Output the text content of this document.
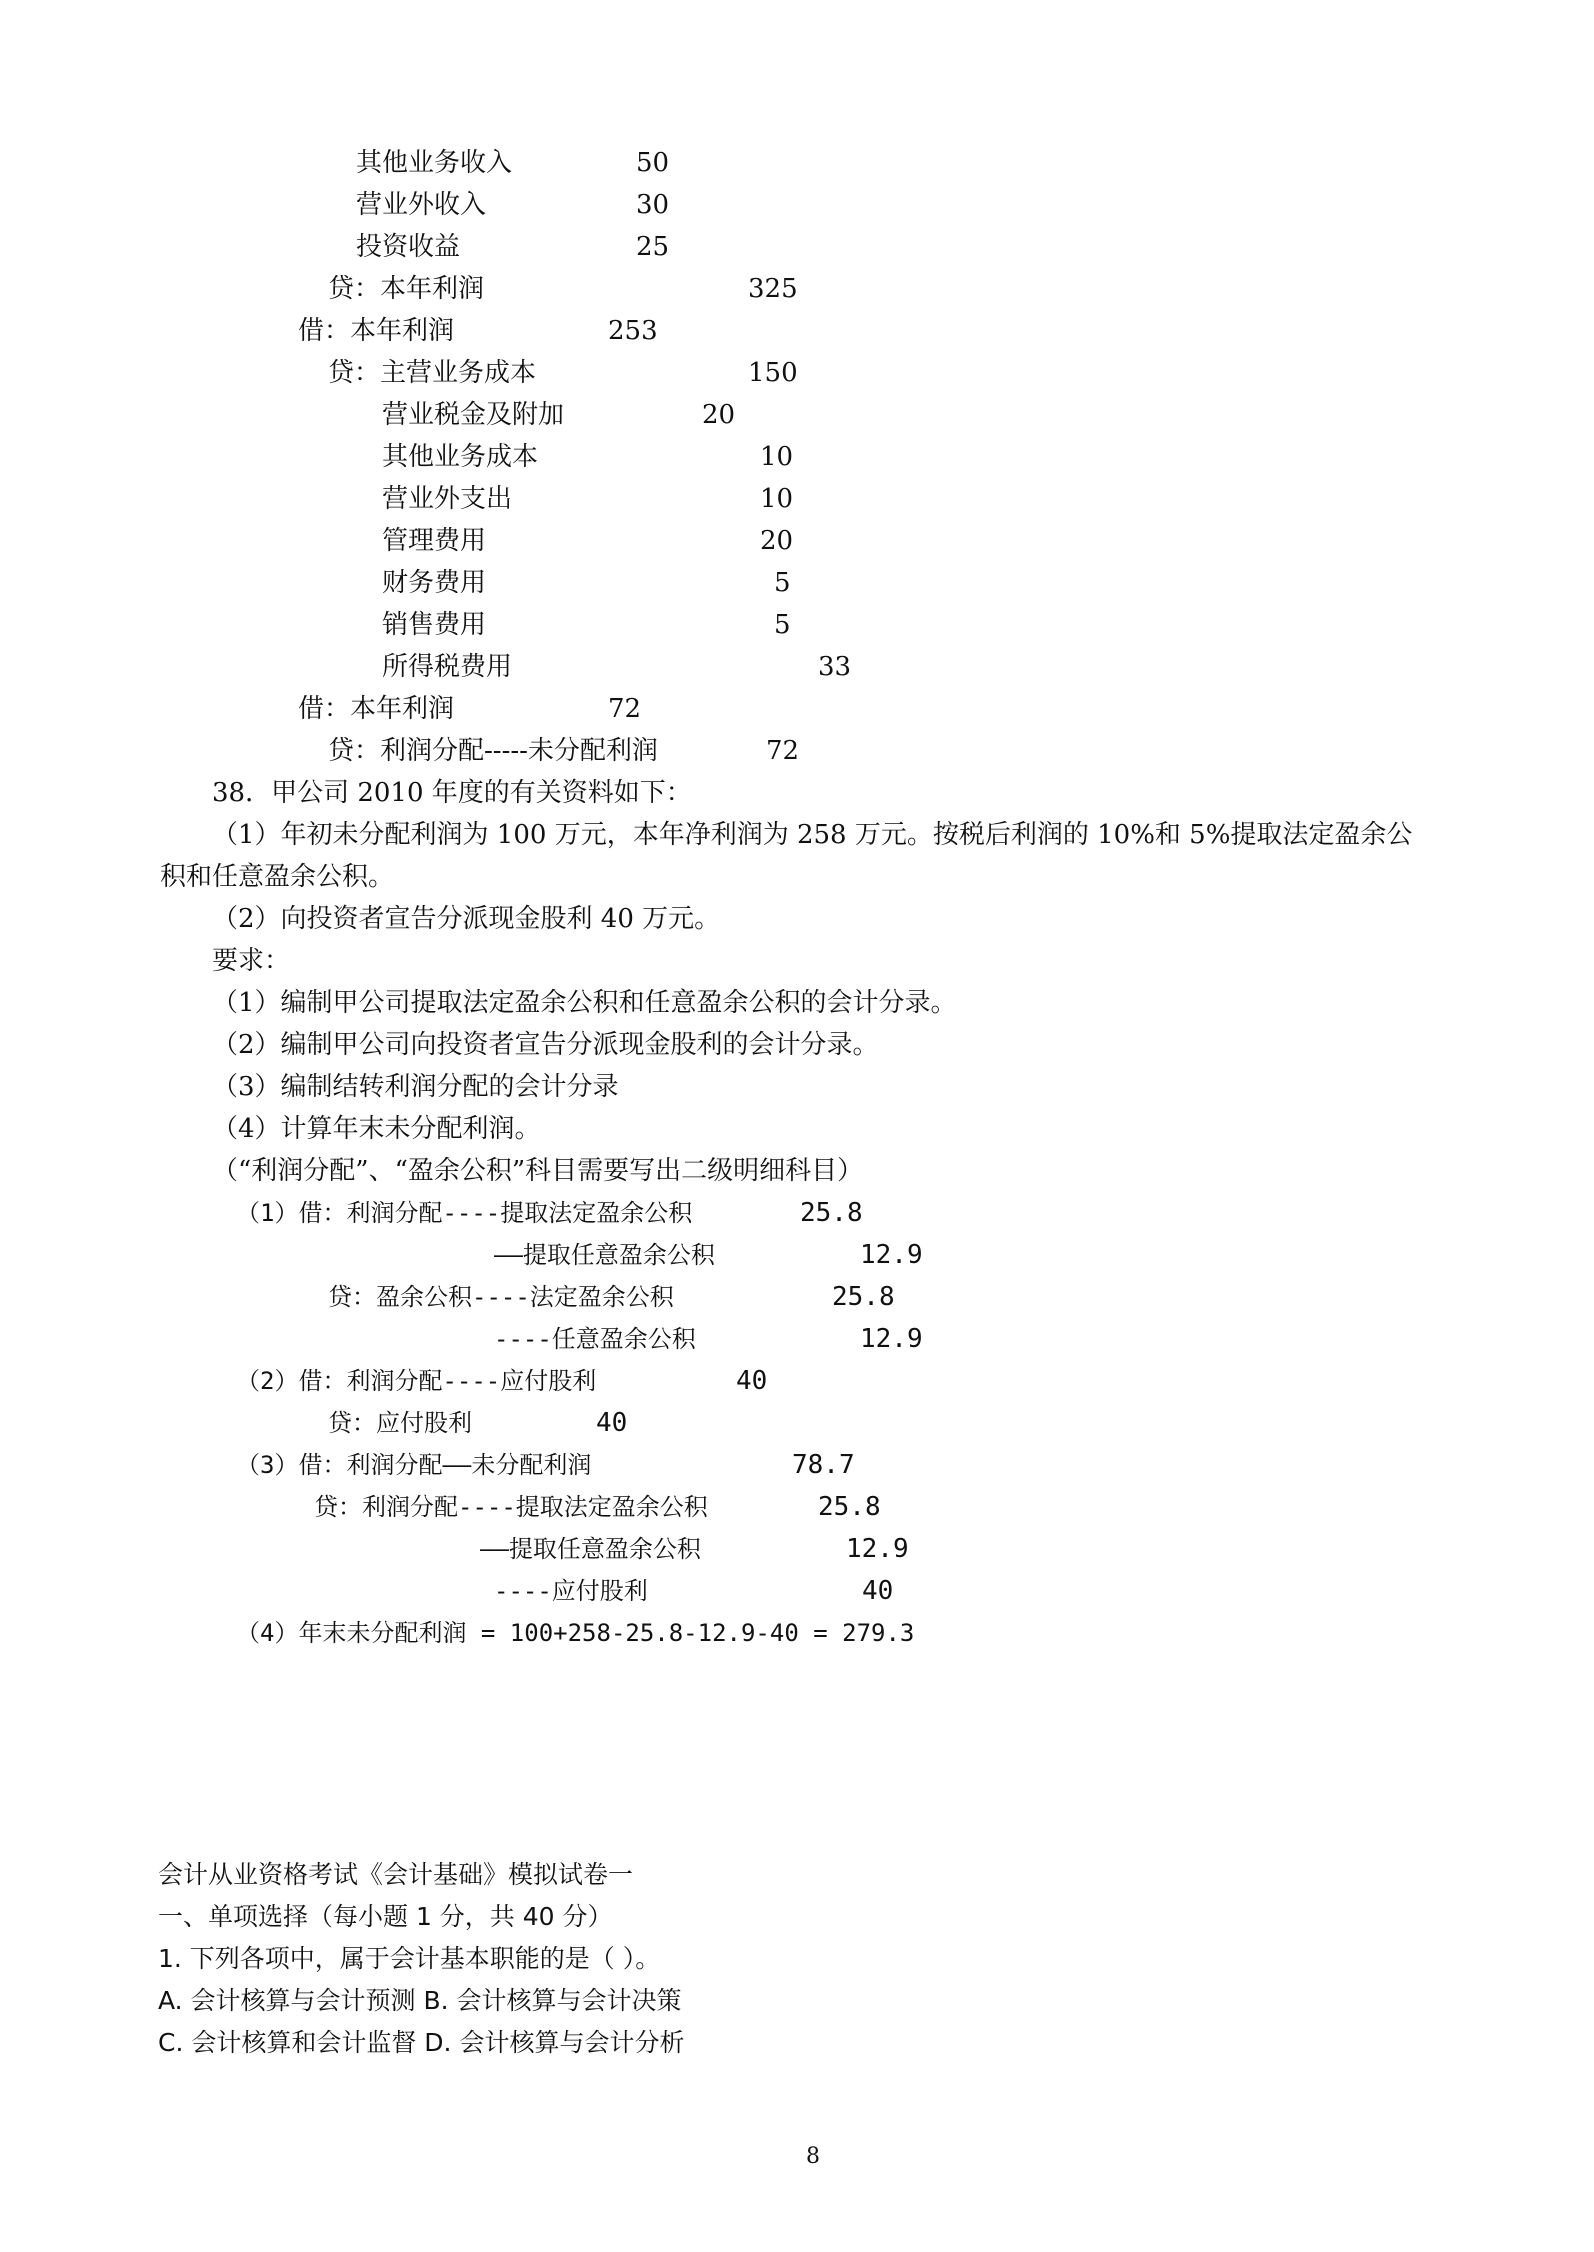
其他业务收入	50
营业外收入	30
投资收益	25
贷：本年利润	325
借：本年利润	253
贷：主营业务成本	150
营业税金及附加	20
其他业务成本	10
营业外支出	10
管理费用	20
财务费用	5
销售费用	5
所得税费用	33
借：本年利润	72
贷：利润分配-----未分配利润	72
38．甲公司 2010 年度的有关资料如下：
（1）年初未分配利润为 100 万元，本年净利润为 258 万元。按税后利润的 10%和 5%提取法定盈余公
积和任意盈余公积。
（2）向投资者宣告分派现金股利 40 万元。
要求：
（1）编制甲公司提取法定盈余公积和任意盈余公积的会计分录。
（2）编制甲公司向投资者宣告分派现金股利的会计分录。
（3）编制结转利润分配的会计分录
（4）计算年末未分配利润。
（“利润分配”、“盈余公积”科目需要写出二级明细科目）
（1）借：利润分配----提取法定盈余公积	25.8
——提取任意盈余公积	12.9
贷：盈余公积----法定盈余公积	25.8
----任意盈余公积	12.9
（2）借：利润分配----应付股利	40
贷：应付股利	40
（3）借：利润分配——未分配利润	78.7
贷：利润分配----提取法定盈余公积	25.8
——提取任意盈余公积	12.9
----应付股利	40
（4）年末未分配利润 = 100+258-25.8-12.9-40 = 279.3
会计从业资格考试《会计基础》模拟试卷一
一、单项选择（每小题 1 分，共 40 分）
1. 下列各项中，属于会计基本职能的是（ ）。
A. 会计核算与会计预测 B. 会计核算与会计决策
C. 会计核算和会计监督 D. 会计核算与会计分析
8
